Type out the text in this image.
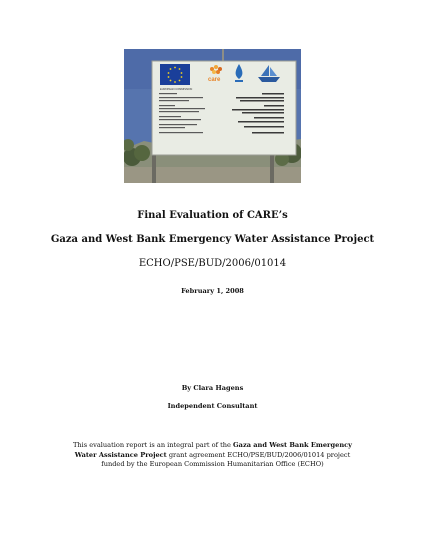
EUROPEAN COMMISSION
care
Final Evaluation of CARE’s
Gaza and West Bank Emergency Water Assistance Project
ECHO/PSE/BUD/2006/01014
February 1, 2008
By Clara Hagens
Independent Consultant
This evaluation report is an integral part of the Gaza and West Bank Emergency Water Assistance Project grant agreement ECHO/PSE/BUD/2006/01014 project funded by the European Commission Humanitarian Office (ECHO)
